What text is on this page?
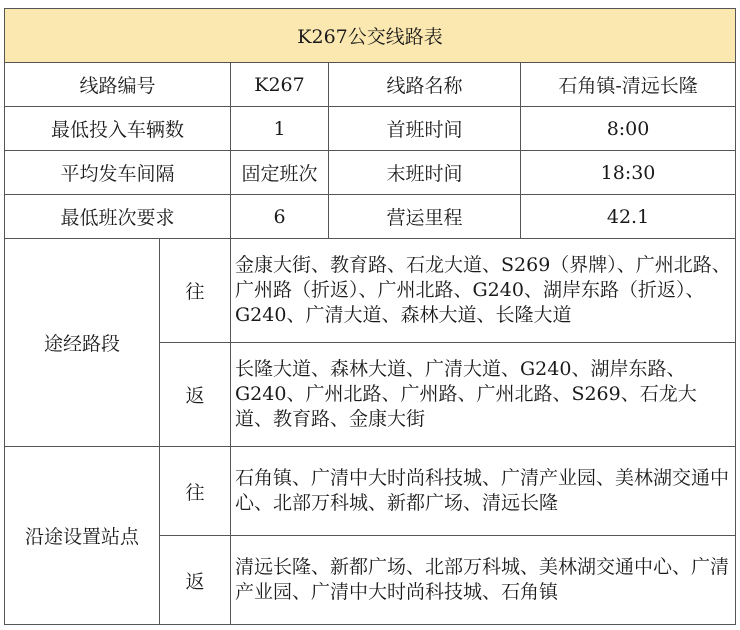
K267公交线路表				
线路编号		K267	线路名称	石角镇-清远长隆
最低投入车辆数		1	首班时间	8:00
平均发车间隔		固定班次	末班时间	18:30
最低班次要求		6	营运里程	42.1
途经路段	往	金康大街、教育路、石龙大道、S269（界牌）、广州北路、广州路（折返）、广州北路、G240、湖岸东路（折返）、G240、广清大道、森林大道、长隆大道		
	返	长隆大道、森林大道、广清大道、G240、湖岸东路、G240、广州北路、广州路、广州北路、S269、石龙大道、教育路、金康大街		
沿途设置站点	往	石角镇、广清中大时尚科技城、广清产业园、美林湖交通中心、北部万科城、新都广场、清远长隆		
	返	清远长隆、新都广场、北部万科城、美林湖交通中心、广清产业园、广清中大时尚科技城、石角镇		
